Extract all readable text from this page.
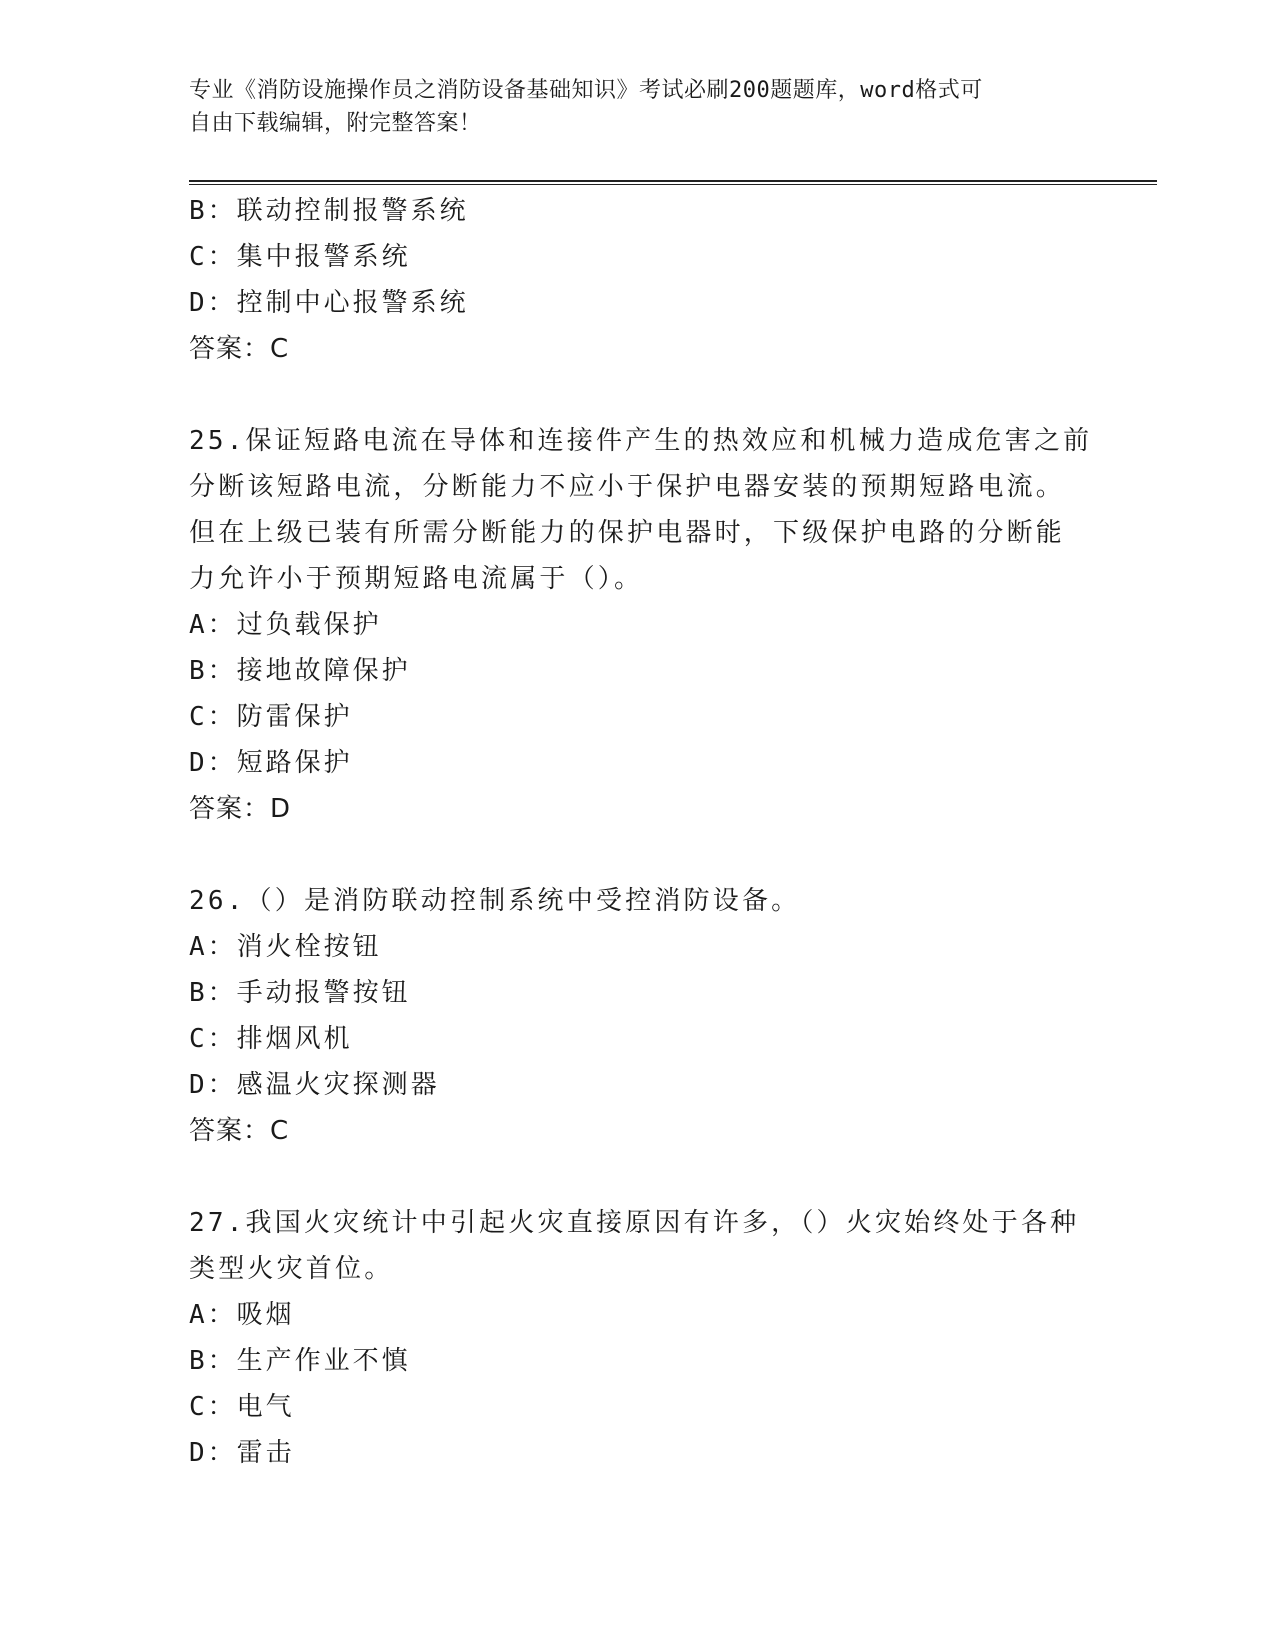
专业《消防设施操作员之消防设备基础知识》考试必刷200题题库，word格式可
自由下载编辑，附完整答案！
B：联动控制报警系统
C：集中报警系统
D：控制中心报警系统
答案：C
25.保证短路电流在导体和连接件产生的热效应和机械力造成危害之前
分断该短路电流，分断能力不应小于保护电器安装的预期短路电流。
但在上级已装有所需分断能力的保护电器时，下级保护电路的分断能
力允许小于预期短路电流属于（）。
A：过负载保护
B：接地故障保护
C：防雷保护
D：短路保护
答案：D
26.（）是消防联动控制系统中受控消防设备。
A：消火栓按钮
B：手动报警按钮
C：排烟风机
D：感温火灾探测器
答案：C
27.我国火灾统计中引起火灾直接原因有许多，（）火灾始终处于各种
类型火灾首位。
A：吸烟
B：生产作业不慎
C：电气
D：雷击
